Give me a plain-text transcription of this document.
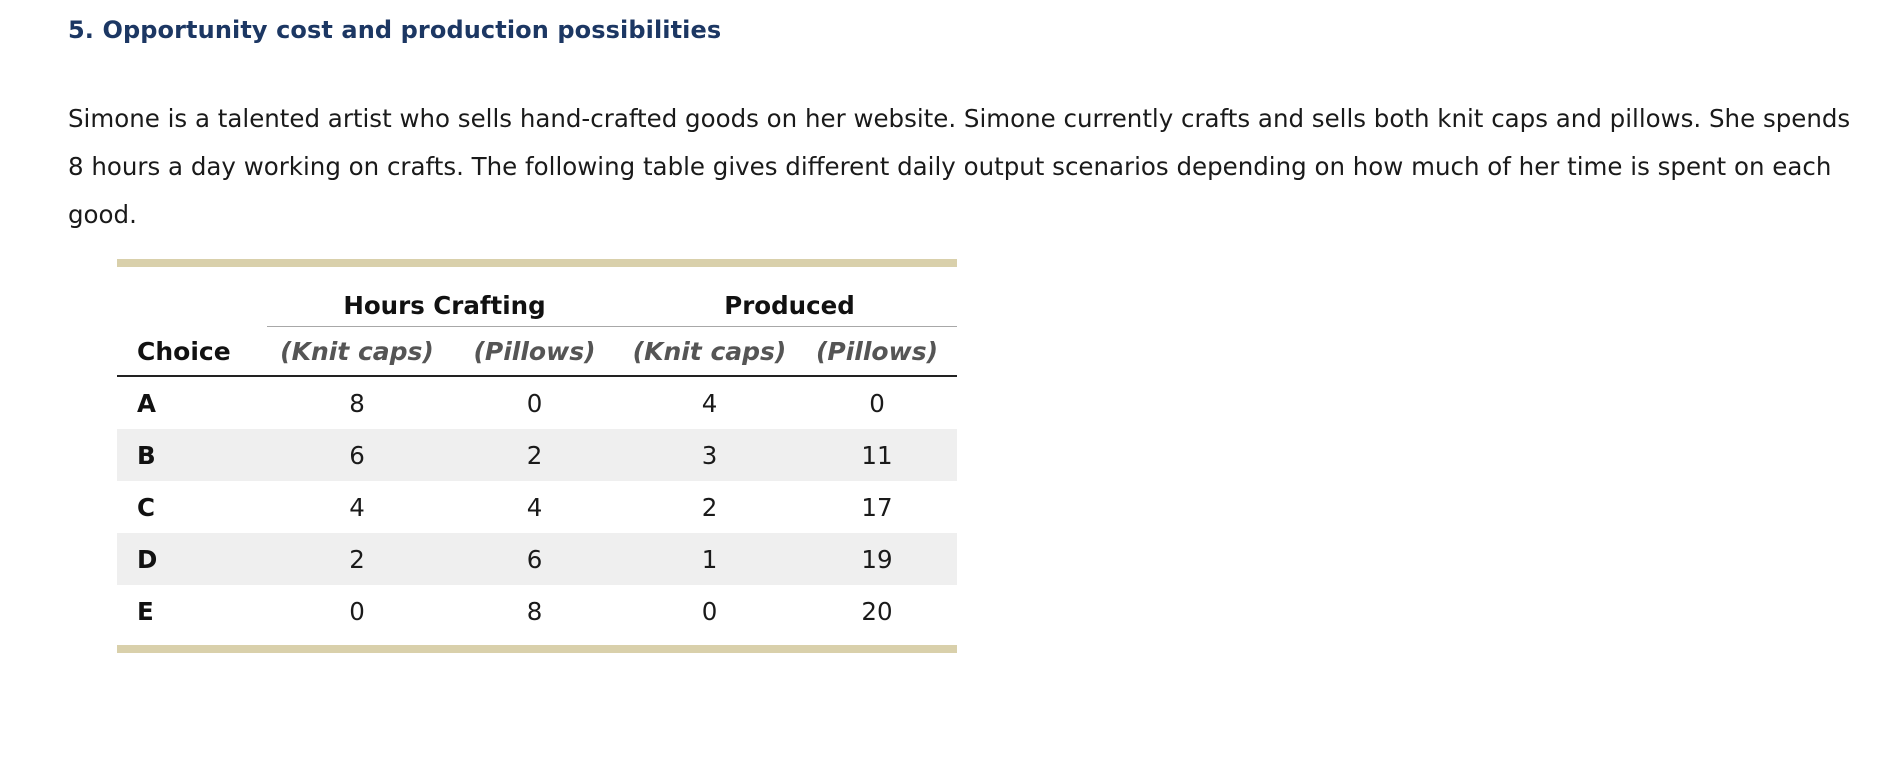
5. Opportunity cost and production possibilities

Simone is a talented artist who sells hand-crafted goods on her website. Simone currently crafts and sells both knit caps and pillows. She spends 8 hours a day working on crafts. The following table gives different daily output scenarios depending on how much of her time is spent on each good.

	Hours Crafting		Produced	

Choice	(Knit caps)	(Pillows)	(Knit caps)	(Pillows)
A	8	0	4	0
B	6	2	3	11
C	4	4	2	17
D	2	6	1	19
E	0	8	0	20
